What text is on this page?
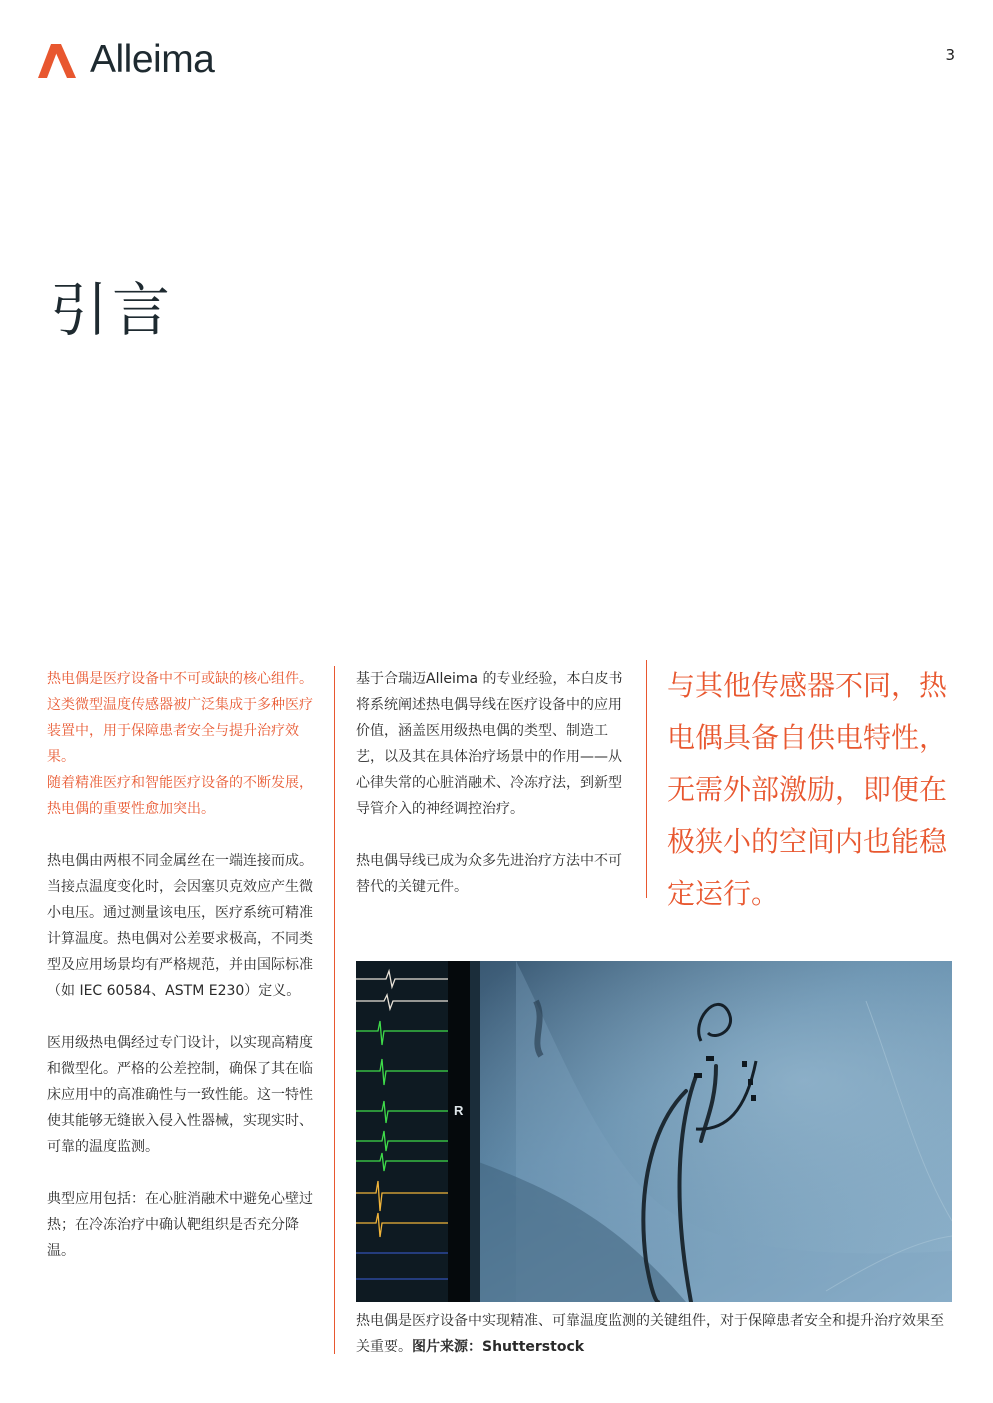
Alleima	3
引言

热电偶是医疗设备中不可或缺的核心组件。这类微型温度传感器被广泛集成于多种医疗装置中，用于保障患者安全与提升治疗效果。

随着精准医疗和智能医疗设备的不断发展，热电偶的重要性愈加突出。

热电偶由两根不同金属丝在一端连接而成。当接点温度变化时，会因塞贝克效应产生微小电压。通过测量该电压，医疗系统可精准计算温度。热电偶对公差要求极高，不同类型及应用场景均有严格规范，并由国际标准（如 IEC 60584、ASTM E230）定义。

医用级热电偶经过专门设计，以实现高精度和微型化。严格的公差控制，确保了其在临床应用中的高准确性与一致性能。这一特性使其能够无缝嵌入侵入性器械，实现实时、可靠的温度监测。

典型应用包括：在心脏消融术中避免心壁过热；在冷冻治疗中确认靶组织是否充分降温。

基于合瑞迈Alleima 的专业经验，本白皮书将系统阐述热电偶导线在医疗设备中的应用价值，涵盖医用级热电偶的类型、制造工艺，以及其在具体治疗场景中的作用——从心律失常的心脏消融术、冷冻疗法，到新型导管介入的神经调控治疗。

热电偶导线已成为众多先进治疗方法中不可替代的关键元件。

与其他传感器不同，热电偶具备自供电特性，无需外部激励，即便在极狭小的空间内也能稳定运行。

R
热电偶是医疗设备中实现精准、可靠温度监测的关键组件，对于保障患者安全和提升治疗效果至关重要。图片来源：Shutterstock
